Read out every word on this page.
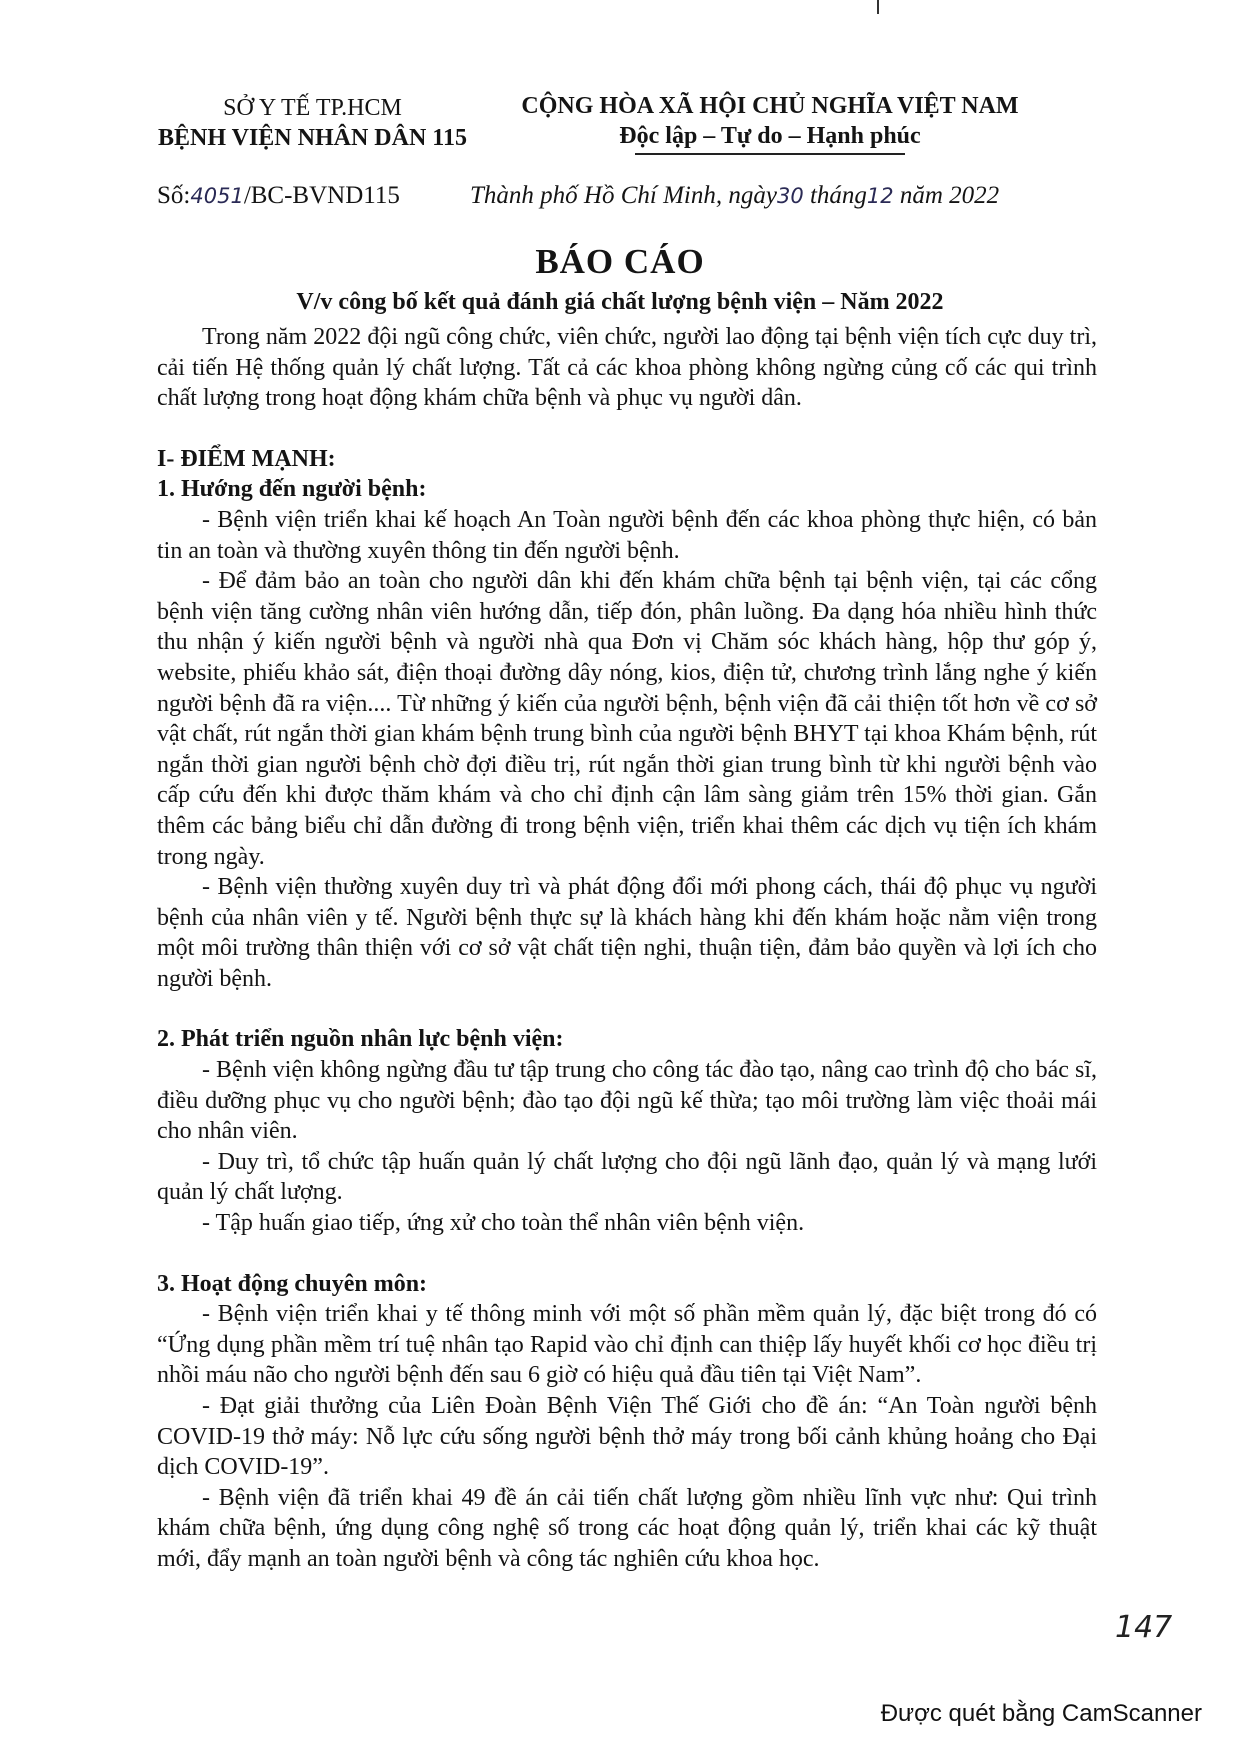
SỞ Y TẾ TP.HCM
BỆNH VIỆN NHÂN DÂN 115
CỘNG HÒA XÃ HỘI CHỦ NGHĨA VIỆT NAM
Độc lập – Tự do – Hạnh phúc
Số:4051/BC-BVND115	Thành phố Hồ Chí Minh, ngày30 tháng12 năm 2022
BÁO CÁO
V/v công bố kết quả đánh giá chất lượng bệnh viện – Năm 2022

Trong năm 2022 đội ngũ công chức, viên chức, người lao động tại bệnh viện tích cực duy trì, cải tiến Hệ thống quản lý chất lượng. Tất cả các khoa phòng không ngừng củng cố các qui trình chất lượng trong hoạt động khám chữa bệnh và phục vụ người dân.

I- ĐIỂM MẠNH:
1. Hướng đến người bệnh:

- Bệnh viện triển khai kế hoạch An Toàn người bệnh đến các khoa phòng thực hiện, có bản tin an toàn và thường xuyên thông tin đến người bệnh.

- Để đảm bảo an toàn cho người dân khi đến khám chữa bệnh tại bệnh viện, tại các cổng bệnh viện tăng cường nhân viên hướng dẫn, tiếp đón, phân luồng. Đa dạng hóa nhiều hình thức thu nhận ý kiến người bệnh và người nhà qua Đơn vị Chăm sóc khách hàng, hộp thư góp ý, website, phiếu khảo sát, điện thoại đường dây nóng, kios, điện tử, chương trình lắng nghe ý kiến người bệnh đã ra viện.... Từ những ý kiến của người bệnh, bệnh viện đã cải thiện tốt hơn về cơ sở vật chất, rút ngắn thời gian khám bệnh trung bình của người bệnh BHYT tại khoa Khám bệnh, rút ngắn thời gian người bệnh chờ đợi điều trị, rút ngắn thời gian trung bình từ khi người bệnh vào cấp cứu đến khi được thăm khám và cho chỉ định cận lâm sàng giảm trên 15% thời gian. Gắn thêm các bảng biểu chỉ dẫn đường đi trong bệnh viện, triển khai thêm các dịch vụ tiện ích khám trong ngày.

- Bệnh viện thường xuyên duy trì và phát động đổi mới phong cách, thái độ phục vụ người bệnh của nhân viên y tế. Người bệnh thực sự là khách hàng khi đến khám hoặc nằm viện trong một môi trường thân thiện với cơ sở vật chất tiện nghi, thuận tiện, đảm bảo quyền và lợi ích cho người bệnh.

2. Phát triển nguồn nhân lực bệnh viện:

- Bệnh viện không ngừng đầu tư tập trung cho công tác đào tạo, nâng cao trình độ cho bác sĩ, điều dưỡng phục vụ cho người bệnh; đào tạo đội ngũ kế thừa; tạo môi trường làm việc thoải mái cho nhân viên.

- Duy trì, tổ chức tập huấn quản lý chất lượng cho đội ngũ lãnh đạo, quản lý và mạng lưới quản lý chất lượng.

- Tập huấn giao tiếp, ứng xử cho toàn thể nhân viên bệnh viện.

3. Hoạt động chuyên môn:

- Bệnh viện triển khai y tế thông minh với một số phần mềm quản lý, đặc biệt trong đó có “Ứng dụng phần mềm trí tuệ nhân tạo Rapid vào chỉ định can thiệp lấy huyết khối cơ học điều trị nhồi máu não cho người bệnh đến sau 6 giờ có hiệu quả đầu tiên tại Việt Nam”.

- Đạt giải thưởng của Liên Đoàn Bệnh Viện Thế Giới cho đề án: “An Toàn người bệnh COVID-19 thở máy: Nỗ lực cứu sống người bệnh thở máy trong bối cảnh khủng hoảng cho Đại dịch COVID-19”.

- Bệnh viện đã triển khai 49 đề án cải tiến chất lượng gồm nhiều lĩnh vực như: Qui trình khám chữa bệnh, ứng dụng công nghệ số trong các hoạt động quản lý, triển khai các kỹ thuật mới, đẩy mạnh an toàn người bệnh và công tác nghiên cứu khoa học.

147
Được quét bằng CamScanner
